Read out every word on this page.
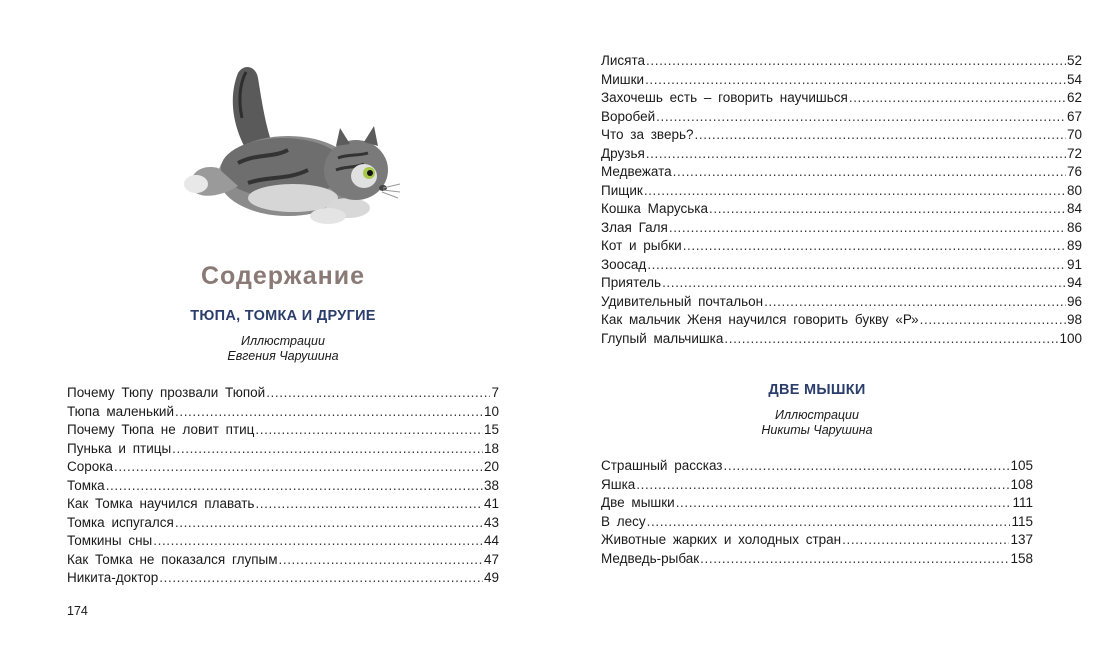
Содержание
ТЮПА, ТОМКА И ДРУГИЕ
Иллюстрации
Евгения Чарушина
Почему Тюпу прозвали Тюпой .....	7
Тюпа маленький .....	10
Почему Тюпа не ловит птиц .....	15
Пунька и птицы .....	18
Сорока .....	20
Томка .....	38
Как Томка научился плавать .....	41
Томка испугался .....	43
Томкины сны .....	44
Как Томка не показался глупым .....	47
Никита-доктор .....	49
174
Лисята .....	52
Мишки .....	54
Захочешь есть – говорить научишься .....	62
Воробей .....	67
Что за зверь? .....	70
Друзья .....	72
Медвежата .....	76
Пищик .....	80
Кошка Маруська .....	84
Злая Галя .....	86
Кот и рыбки .....	89
Зоосад .....	91
Приятель .....	94
Удивительный почтальон .....	96
Как мальчик Женя научился говорить букву «Р» .....	98
Глупый мальчишка .....	100
ДВЕ МЫШКИ
Иллюстрации
Никиты Чарушина
Страшный рассказ .....	105
Яшка .....	108
Две мышки .....	111
В лесу .....	115
Животные жарких и холодных стран .....	137
Медведь-рыбак .....	158
